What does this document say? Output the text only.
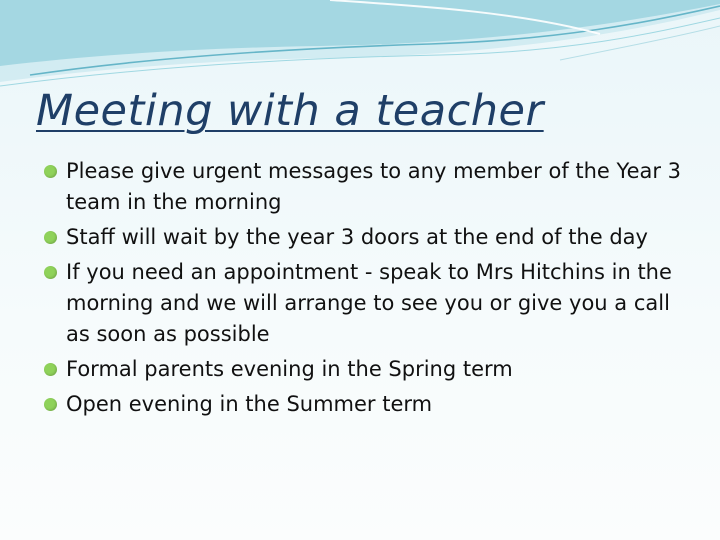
Meeting with a teacher
Please give urgent messages to any member of the Year 3 team in the morning
Staff will wait by the year 3 doors at the end of the day
If you need an appointment - speak to Mrs Hitchins in the morning and we will arrange to see you or give you a call as soon as possible
Formal parents evening in the Spring term
Open evening in the Summer term
